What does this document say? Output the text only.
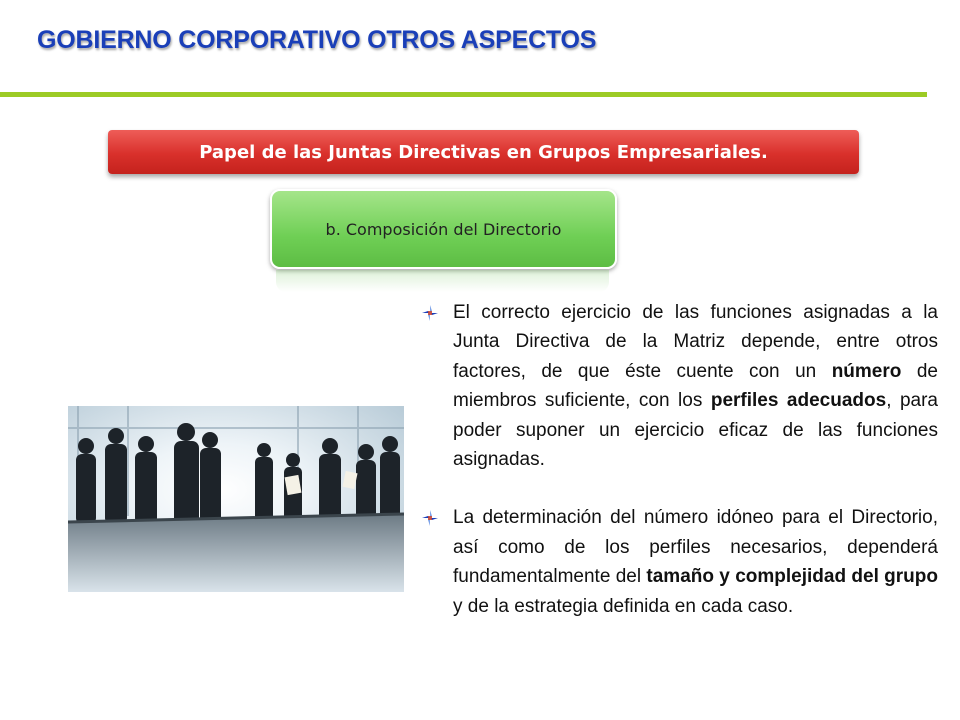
GOBIERNO CORPORATIVO OTROS ASPECTOS
Papel de las Juntas Directivas en Grupos Empresariales.
b. Composición del Directorio
El correcto ejercicio de las funciones asignadas a la Junta Directiva de la Matriz depende, entre otros factores, de que éste cuente con un número de miembros suficiente, con los perfiles adecuados, para poder suponer un ejercicio eficaz de las funciones asignadas.
La determinación del número idóneo para el Directorio, así como de los perfiles necesarios, dependerá fundamentalmente del tamaño y complejidad del grupo y de la estrategia definida en cada caso.
